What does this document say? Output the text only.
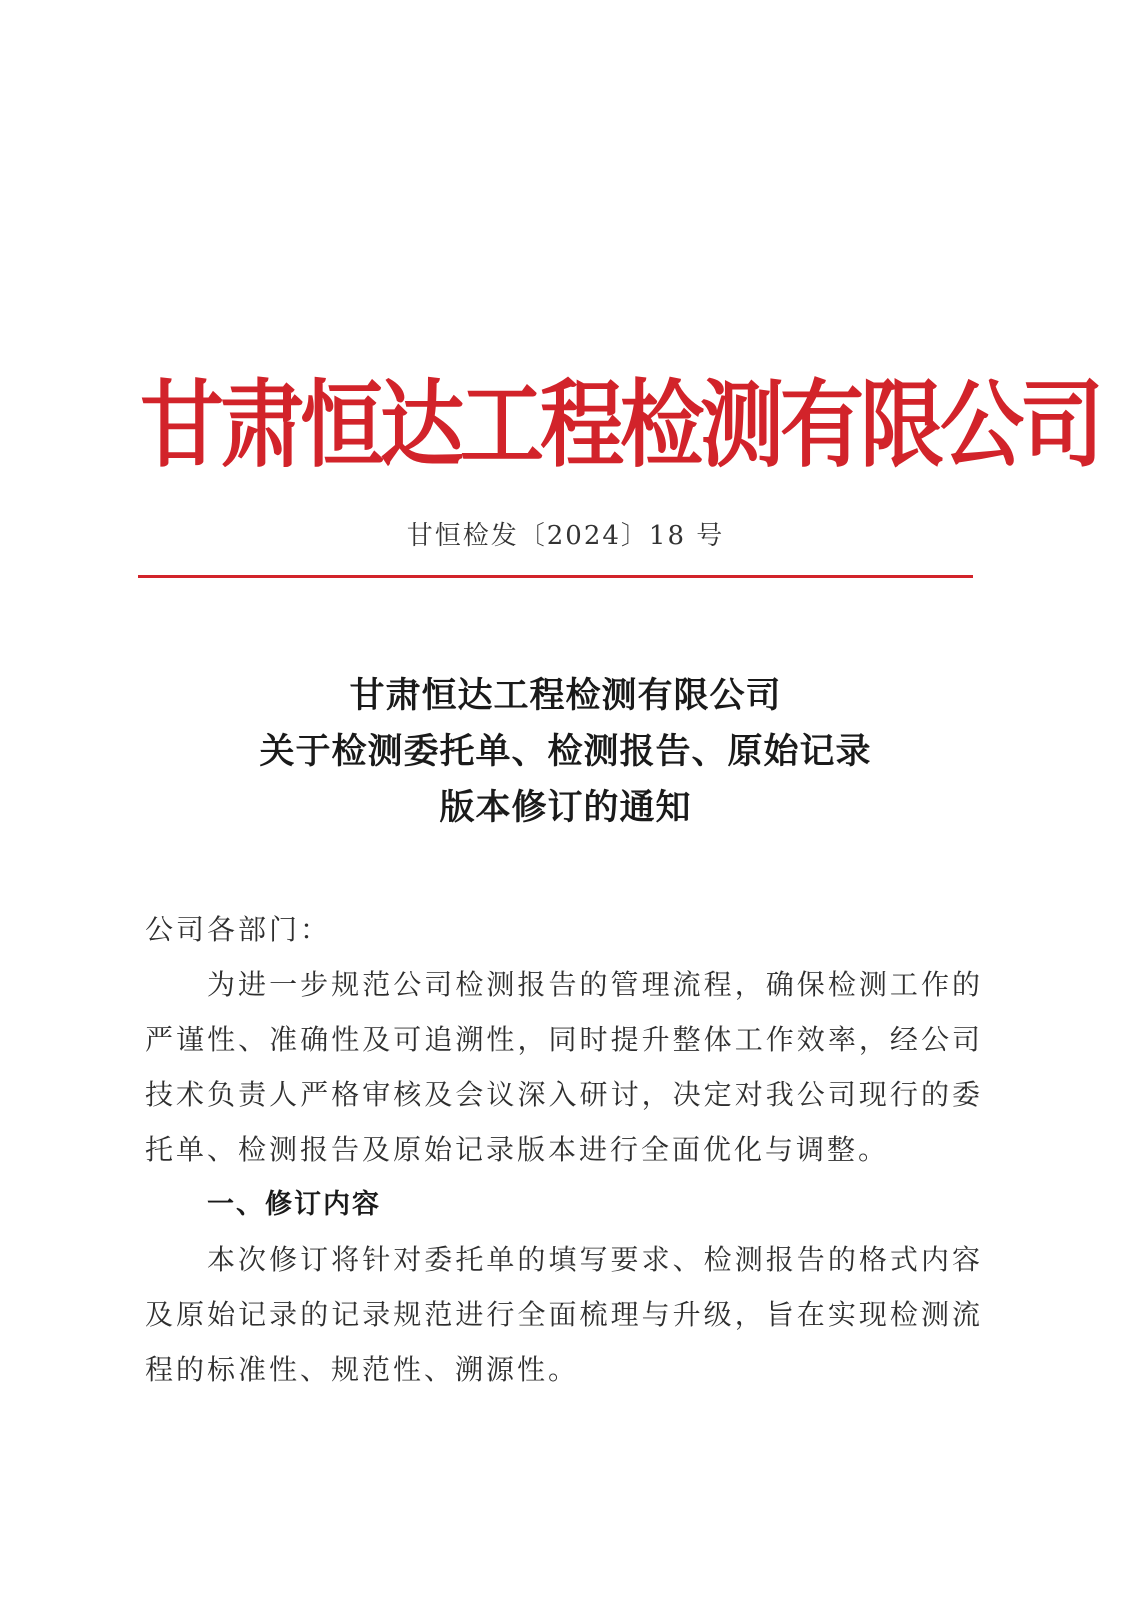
甘肃恒达工程检测有限公司
甘恒检发〔2024〕18 号
甘肃恒达工程检测有限公司
关于检测委托单、检测报告、原始记录
版本修订的通知

公司各部门：

为进一步规范公司检测报告的管理流程，确保检测工作的严谨性、准确性及可追溯性，同时提升整体工作效率，经公司技术负责人严格审核及会议深入研讨，决定对我公司现行的委托单、检测报告及原始记录版本进行全面优化与调整。

一、修订内容

本次修订将针对委托单的填写要求、检测报告的格式内容及原始记录的记录规范进行全面梳理与升级，旨在实现检测流程的标准性、规范性、溯源性。
